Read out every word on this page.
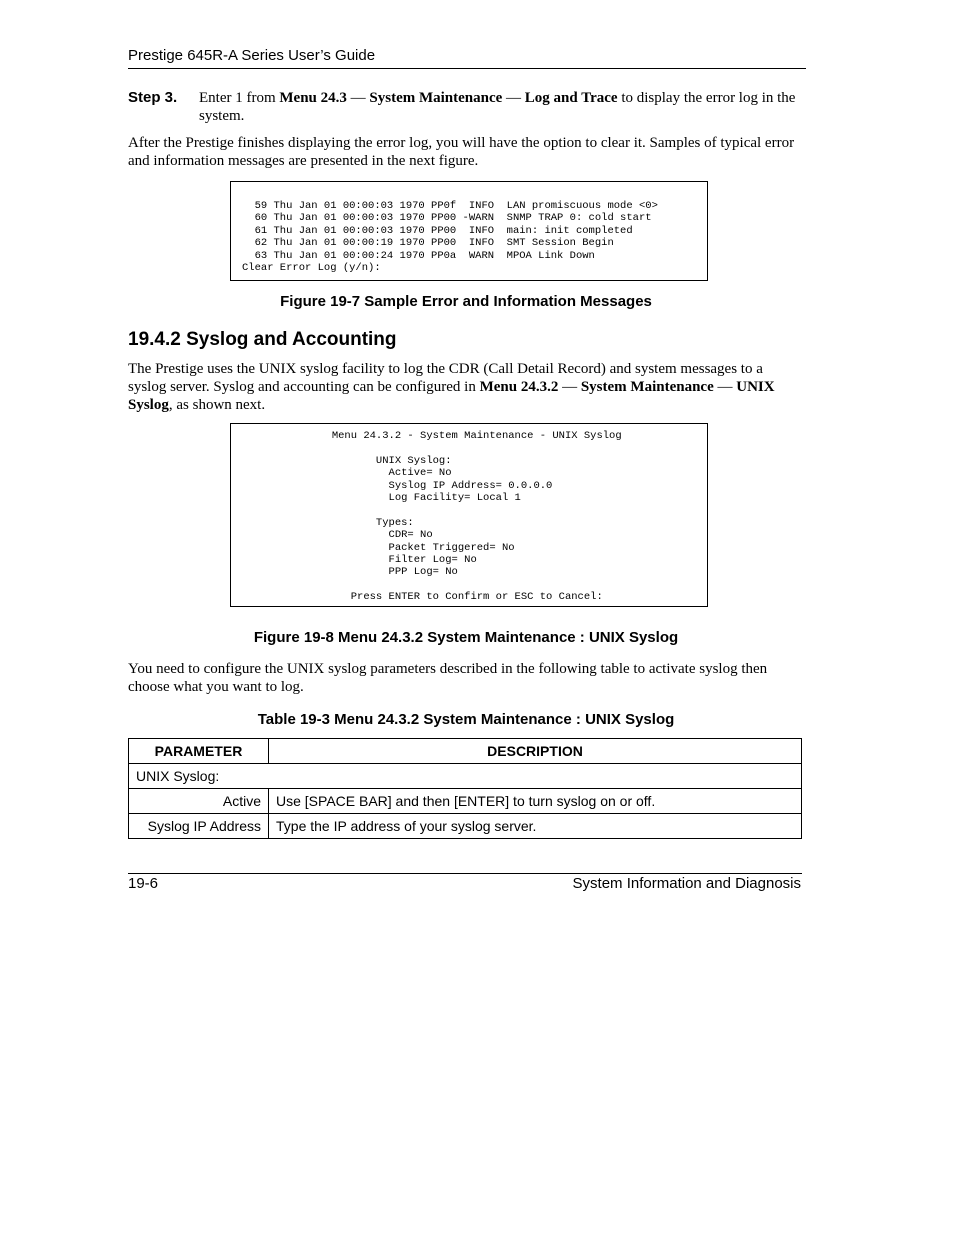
Prestige 645R-A Series User’s Guide
Step 3. Enter 1 from Menu 24.3 — System Maintenance — Log and Trace to display the error log in the system.
After the Prestige finishes displaying the error log, you will have the option to clear it. Samples of typical error and information messages are presented in the next figure.
59 Thu Jan 01 00:00:03 1970 PP0f  INFO  LAN promiscuous mode <0>
60 Thu Jan 01 00:00:03 1970 PP00 -WARN  SNMP TRAP 0: cold start
61 Thu Jan 01 00:00:03 1970 PP00  INFO  main: init completed
62 Thu Jan 01 00:00:19 1970 PP00  INFO  SMT Session Begin
63 Thu Jan 01 00:00:24 1970 PP0a  WARN  MPOA Link Down
Clear Error Log (y/n):
Figure 19-7 Sample Error and Information Messages
19.4.2 Syslog and Accounting
The Prestige uses the UNIX syslog facility to log the CDR (Call Detail Record) and system messages to a syslog server. Syslog and accounting can be configured in Menu 24.3.2 — System Maintenance — UNIX Syslog, as shown next.
Menu 24.3.2 - System Maintenance - UNIX Syslog
UNIX Syslog:
Active= No
Syslog IP Address= 0.0.0.0
Log Facility= Local 1
Types:
CDR= No
Packet Triggered= No
Filter Log= No
PPP Log= No
Press ENTER to Confirm or ESC to Cancel:
Figure 19-8 Menu 24.3.2 System Maintenance : UNIX Syslog
You need to configure the UNIX syslog parameters described in the following table to activate syslog then choose what you want to log.
Table 19-3 Menu 24.3.2 System Maintenance : UNIX Syslog
PARAMETER	DESCRIPTION
UNIX Syslog:	
Active	Use [SPACE BAR] and then [ENTER] to turn syslog on or off.
Syslog IP Address	Type the IP address of your syslog server.
19-6	System Information and Diagnosis
